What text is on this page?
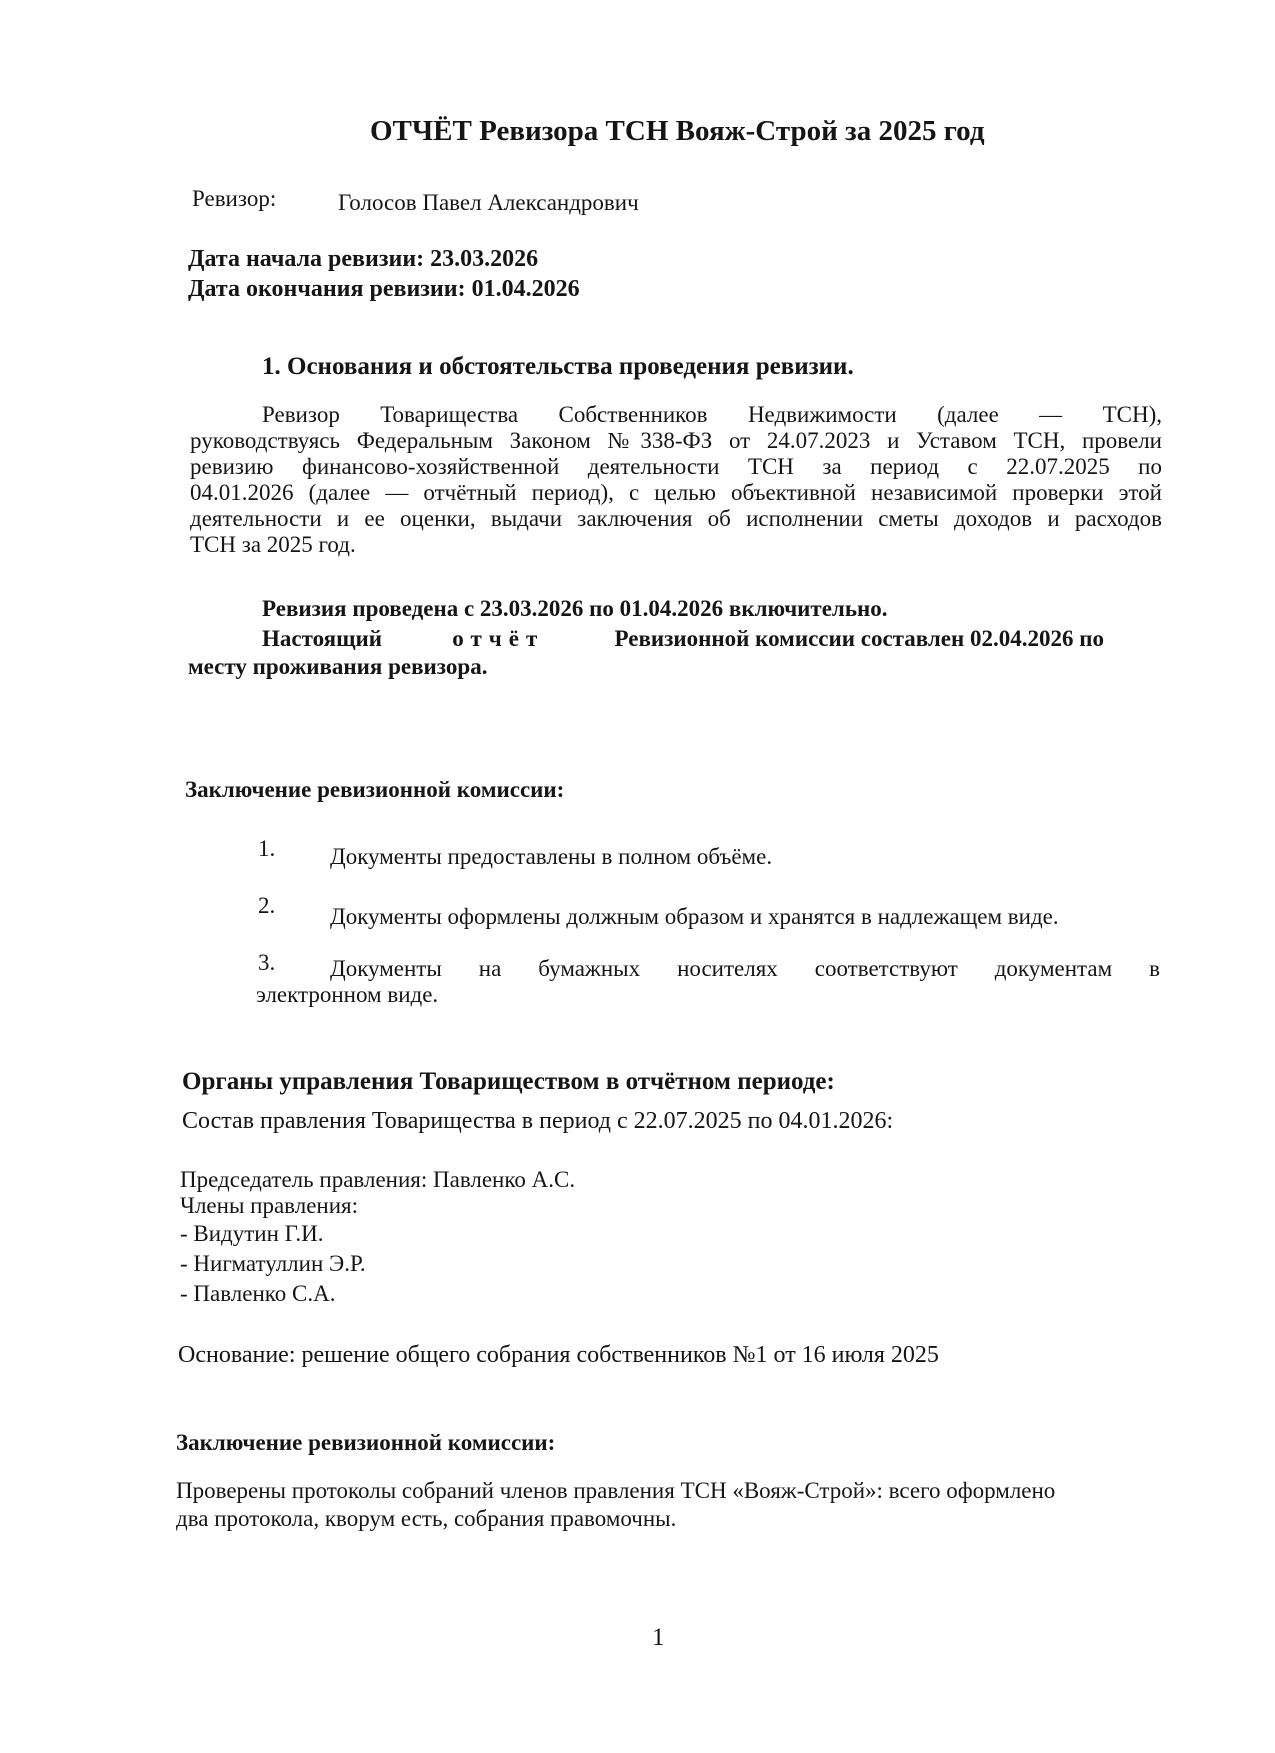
ОТЧЁТ Ревизора ТСН Вояж-Строй за 2025 год
Ревизор:	Голосов Павел Александрович
Дата начала ревизии: 23.03.2026
Дата окончания ревизии: 01.04.2026
1. Основания и обстоятельства проведения ревизии.
Ревизор Товарищества Собственников Недвижимости (далее — ТСН),
руководствуясь Федеральным Законом №338-ФЗ от 24.07.2023 и Уставом ТСН, провели
ревизию финансово-хозяйственной деятельности ТСН за период с 22.07.2025 по
04.01.2026 (далее — отчётный период), с целью объективной независимой проверки этой
деятельности и ее оценки, выдачи заключения об исполнении сметы доходов и расходов
ТСН за 2025 год.
Ревизия проведена с 23.03.2026 по 01.04.2026 включительно.
Настоящий	отчёт	Ревизионной комиссии составлен 02.04.2026 по
месту проживания ревизора.
Заключение ревизионной комиссии:
1. Документы предоставлены в полном объёме.
2. Документы оформлены должным образом и хранятся в надлежащем виде.
3. Документы на бумажных носителях соответствуют документам в
электронном виде.
Органы управления Товариществом в отчётном периоде:
Состав правления Товарищества в период с 22.07.2025 по 04.01.2026:
Председатель правления: Павленко А.С.
Члены правления:
- Видутин Г.И.
- Нигматуллин Э.Р.
- Павленко С.А.
Основание: решение общего собрания собственников №1 от 16 июля 2025
Заключение ревизионной комиссии:
Проверены протоколы собраний членов правления ТСН «Вояж-Строй»: всего оформлено
два протокола, кворум есть, собрания правомочны.
1
